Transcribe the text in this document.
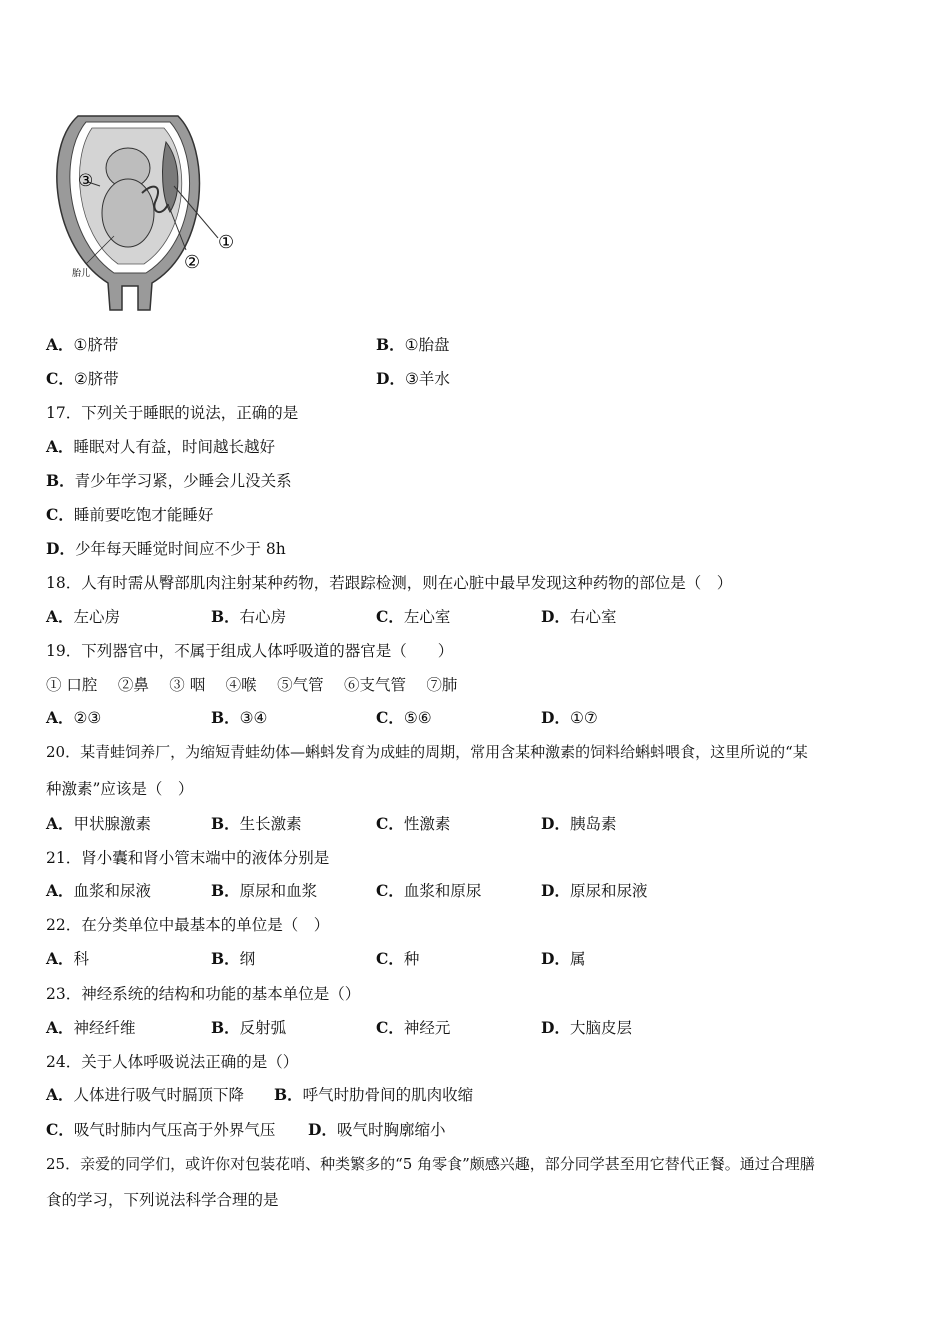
①
②
③
胎儿
A．①脐带	B．①胎盘
C．②脐带	D．③羊水
17．下列关于睡眠的说法，正确的是
A．睡眠对人有益，时间越长越好
B．青少年学习紧，少睡会儿没关系
C．睡前要吃饱才能睡好
D．少年每天睡觉时间应不少于 8h
18．人有时需从臀部肌肉注射某种药物，若跟踪检测，则在心脏中最早发现这种药物的部位是（　）
A．左心房	B．右心房	C．左心室	D．右心室
19．下列器官中，不属于组成人体呼吸道的器官是（　　）
① 口腔　 ②鼻　 ③ 咽　 ④喉　 ⑤气管　 ⑥支气管　 ⑦肺
A．②③	B．③④	C．⑤⑥	D．①⑦
20．某青蛙饲养厂，为缩短青蛙幼体—蝌蚪发育为成蛙的周期，常用含某种激素的饲料给蝌蚪喂食，这里所说的“某
种激素”应该是（　）
A．甲状腺激素	B．生长激素	C．性激素	D．胰岛素
21．肾小囊和肾小管末端中的液体分别是
A．血浆和尿液	B．原尿和血浆	C．血浆和原尿	D．原尿和尿液
22．在分类单位中最基本的单位是（　）
A．科	B．纲	C．种	D．属
23．神经系统的结构和功能的基本单位是（）
A．神经纤维	B．反射弧	C．神经元	D．大脑皮层
24．关于人体呼吸说法正确的是（）
A．人体进行吸气时膈顶下降 B．呼气时肋骨间的肌肉收缩
C．吸气时肺内气压高于外界气压 D．吸气时胸廓缩小
25．亲爱的同学们，或许你对包装花哨、种类繁多的“5 角零食”颇感兴趣，部分同学甚至用它替代正餐。通过合理膳
食的学习，下列说法科学合理的是
